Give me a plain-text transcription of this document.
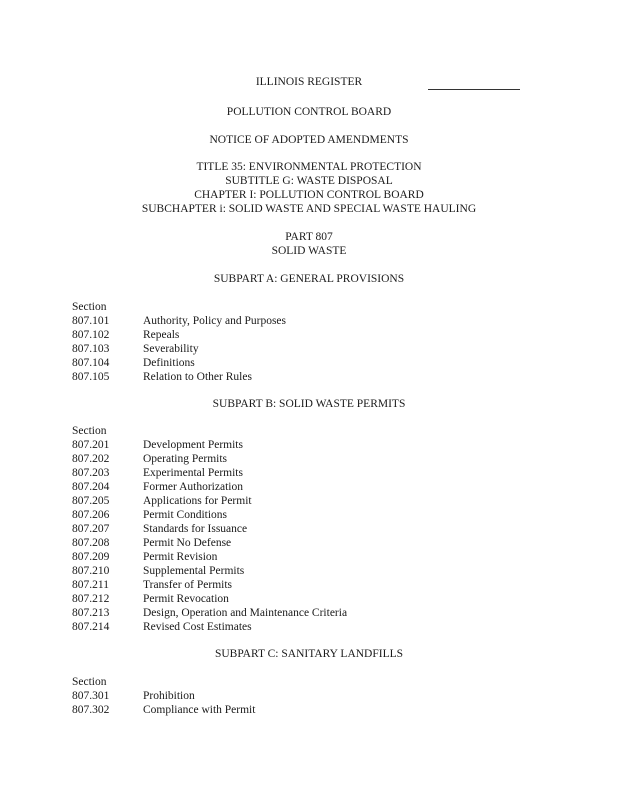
ILLINOIS REGISTER
POLLUTION CONTROL BOARD
NOTICE OF ADOPTED AMENDMENTS
TITLE 35: ENVIRONMENTAL PROTECTION
SUBTITLE G: WASTE DISPOSAL
CHAPTER I: POLLUTION CONTROL BOARD
SUBCHAPTER i: SOLID WASTE AND SPECIAL WASTE HAULING
PART 807
SOLID WASTE
SUBPART A: GENERAL PROVISIONS
Section
807.101	Authority, Policy and Purposes
807.102	Repeals
807.103	Severability
807.104	Definitions
807.105	Relation to Other Rules
SUBPART B: SOLID WASTE PERMITS
Section
807.201	Development Permits
807.202	Operating Permits
807.203	Experimental Permits
807.204	Former Authorization
807.205	Applications for Permit
807.206	Permit Conditions
807.207	Standards for Issuance
807.208	Permit No Defense
807.209	Permit Revision
807.210	Supplemental Permits
807.211	Transfer of Permits
807.212	Permit Revocation
807.213	Design, Operation and Maintenance Criteria
807.214	Revised Cost Estimates
SUBPART C: SANITARY LANDFILLS
Section
807.301	Prohibition
807.302	Compliance with Permit
